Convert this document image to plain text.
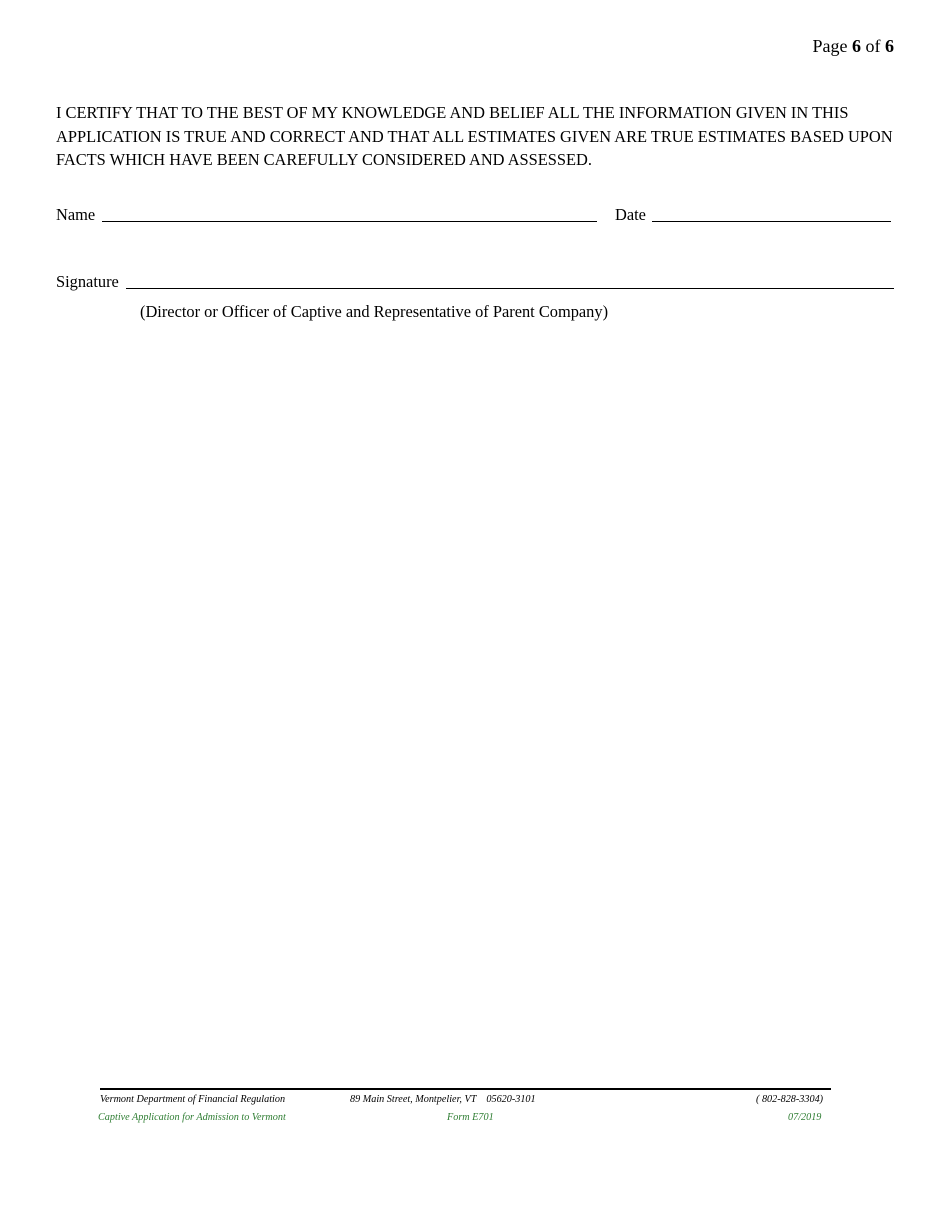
Page 6 of 6

I CERTIFY THAT TO THE BEST OF MY KNOWLEDGE AND BELIEF ALL THE INFORMATION GIVEN IN THIS APPLICATION IS TRUE AND CORRECT AND THAT ALL ESTIMATES GIVEN ARE TRUE ESTIMATES BASED UPON FACTS WHICH HAVE BEEN CAREFULLY CONSIDERED AND ASSESSED.

Name	Date
Signature
(Director or Officer of Captive and Representative of Parent Company)
Vermont Department of Financial Regulation	89 Main Street, Montpelier, VT    05620-3101	( 802-828-3304)
Captive Application for Admission to Vermont	Form E701	07/2019
